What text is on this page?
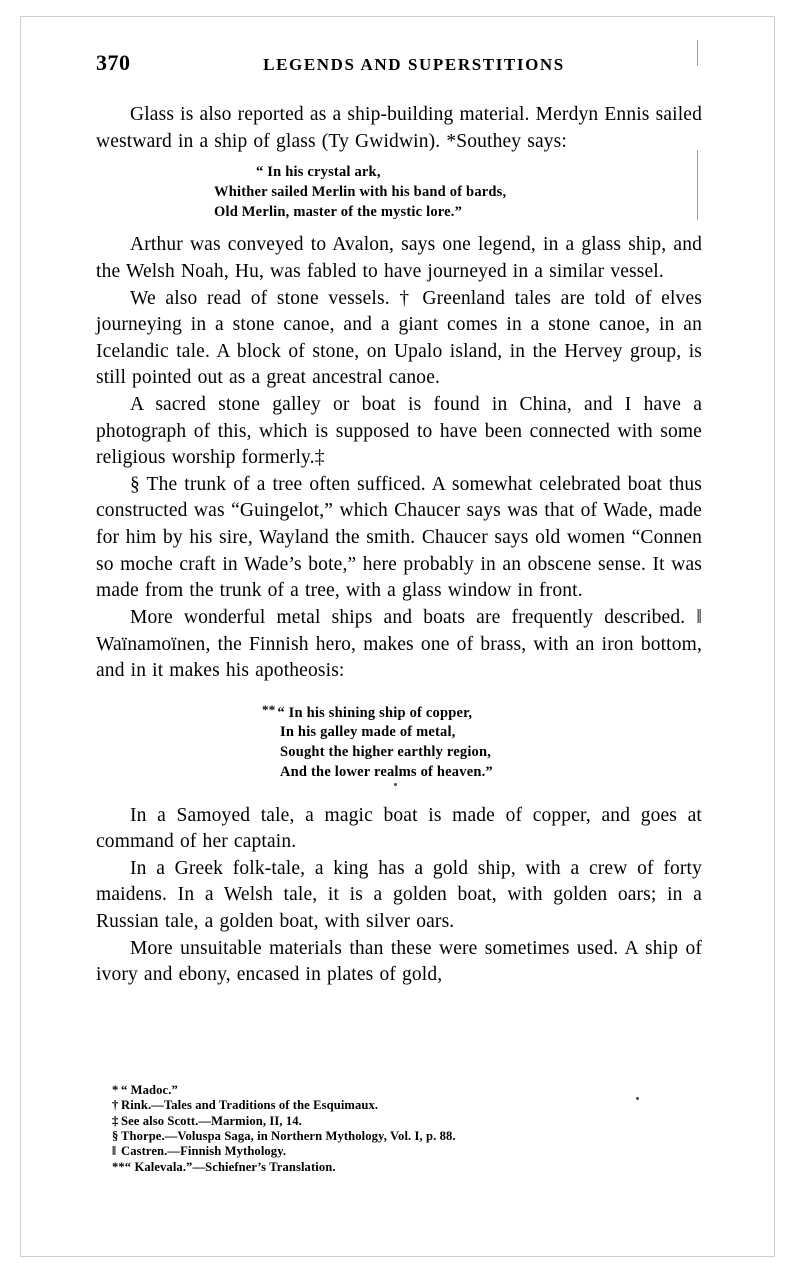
370	LEGENDS AND SUPERSTITIONS

Glass is also reported as a ship-building material. Merdyn Ennis sailed westward in a ship of glass (Ty Gwidwin). *Southey says:

“ In his crystal ark,
Whither sailed Merlin with his band of bards,
Old Merlin, master of the mystic lore.”

Arthur was conveyed to Avalon, says one legend, in a glass ship, and the Welsh Noah, Hu, was fabled to have journeyed in a similar vessel.

We also read of stone vessels. † Greenland tales are told of elves journeying in a stone canoe, and a giant comes in a stone canoe, in an Icelandic tale. A block of stone, on Upalo island, in the Hervey group, is still pointed out as a great ancestral canoe.

A sacred stone galley or boat is found in China, and I have a photograph of this, which is supposed to have been connected with some religious worship formerly.‡

§ The trunk of a tree often sufficed. A somewhat celebrated boat thus constructed was “Guingelot,” which Chaucer says was that of Wade, made for him by his sire, Wayland the smith. Chaucer says old women “Connen so moche craft in Wade’s bote,” here probably in an obscene sense. It was made from the trunk of a tree, with a glass window in front.

More wonderful metal ships and boats are frequently described. ‖ Waïnamoïnen, the Finnish hero, makes one of brass, with an iron bottom, and in it makes his apotheosis:

** “ In his shining ship of copper,
In his galley made of metal,
Sought the higher earthly region,
And the lower realms of heaven.”

In a Samoyed tale, a magic boat is made of copper, and goes at command of her captain.

In a Greek folk-tale, a king has a gold ship, with a crew of forty maidens. In a Welsh tale, it is a golden boat, with golden oars; in a Russian tale, a golden boat, with silver oars.

More unsuitable materials than these were sometimes used. A ship of ivory and ebony, encased in plates of gold,

* “ Madoc.”
† Rink.—Tales and Traditions of the Esquimaux.
‡ See also Scott.—Marmion, II, 14.
§ Thorpe.—Voluspa Saga, in Northern Mythology, Vol. I, p. 88.
‖ Castren.—Finnish Mythology.
**“ Kalevala.”—Schiefner’s Translation.
